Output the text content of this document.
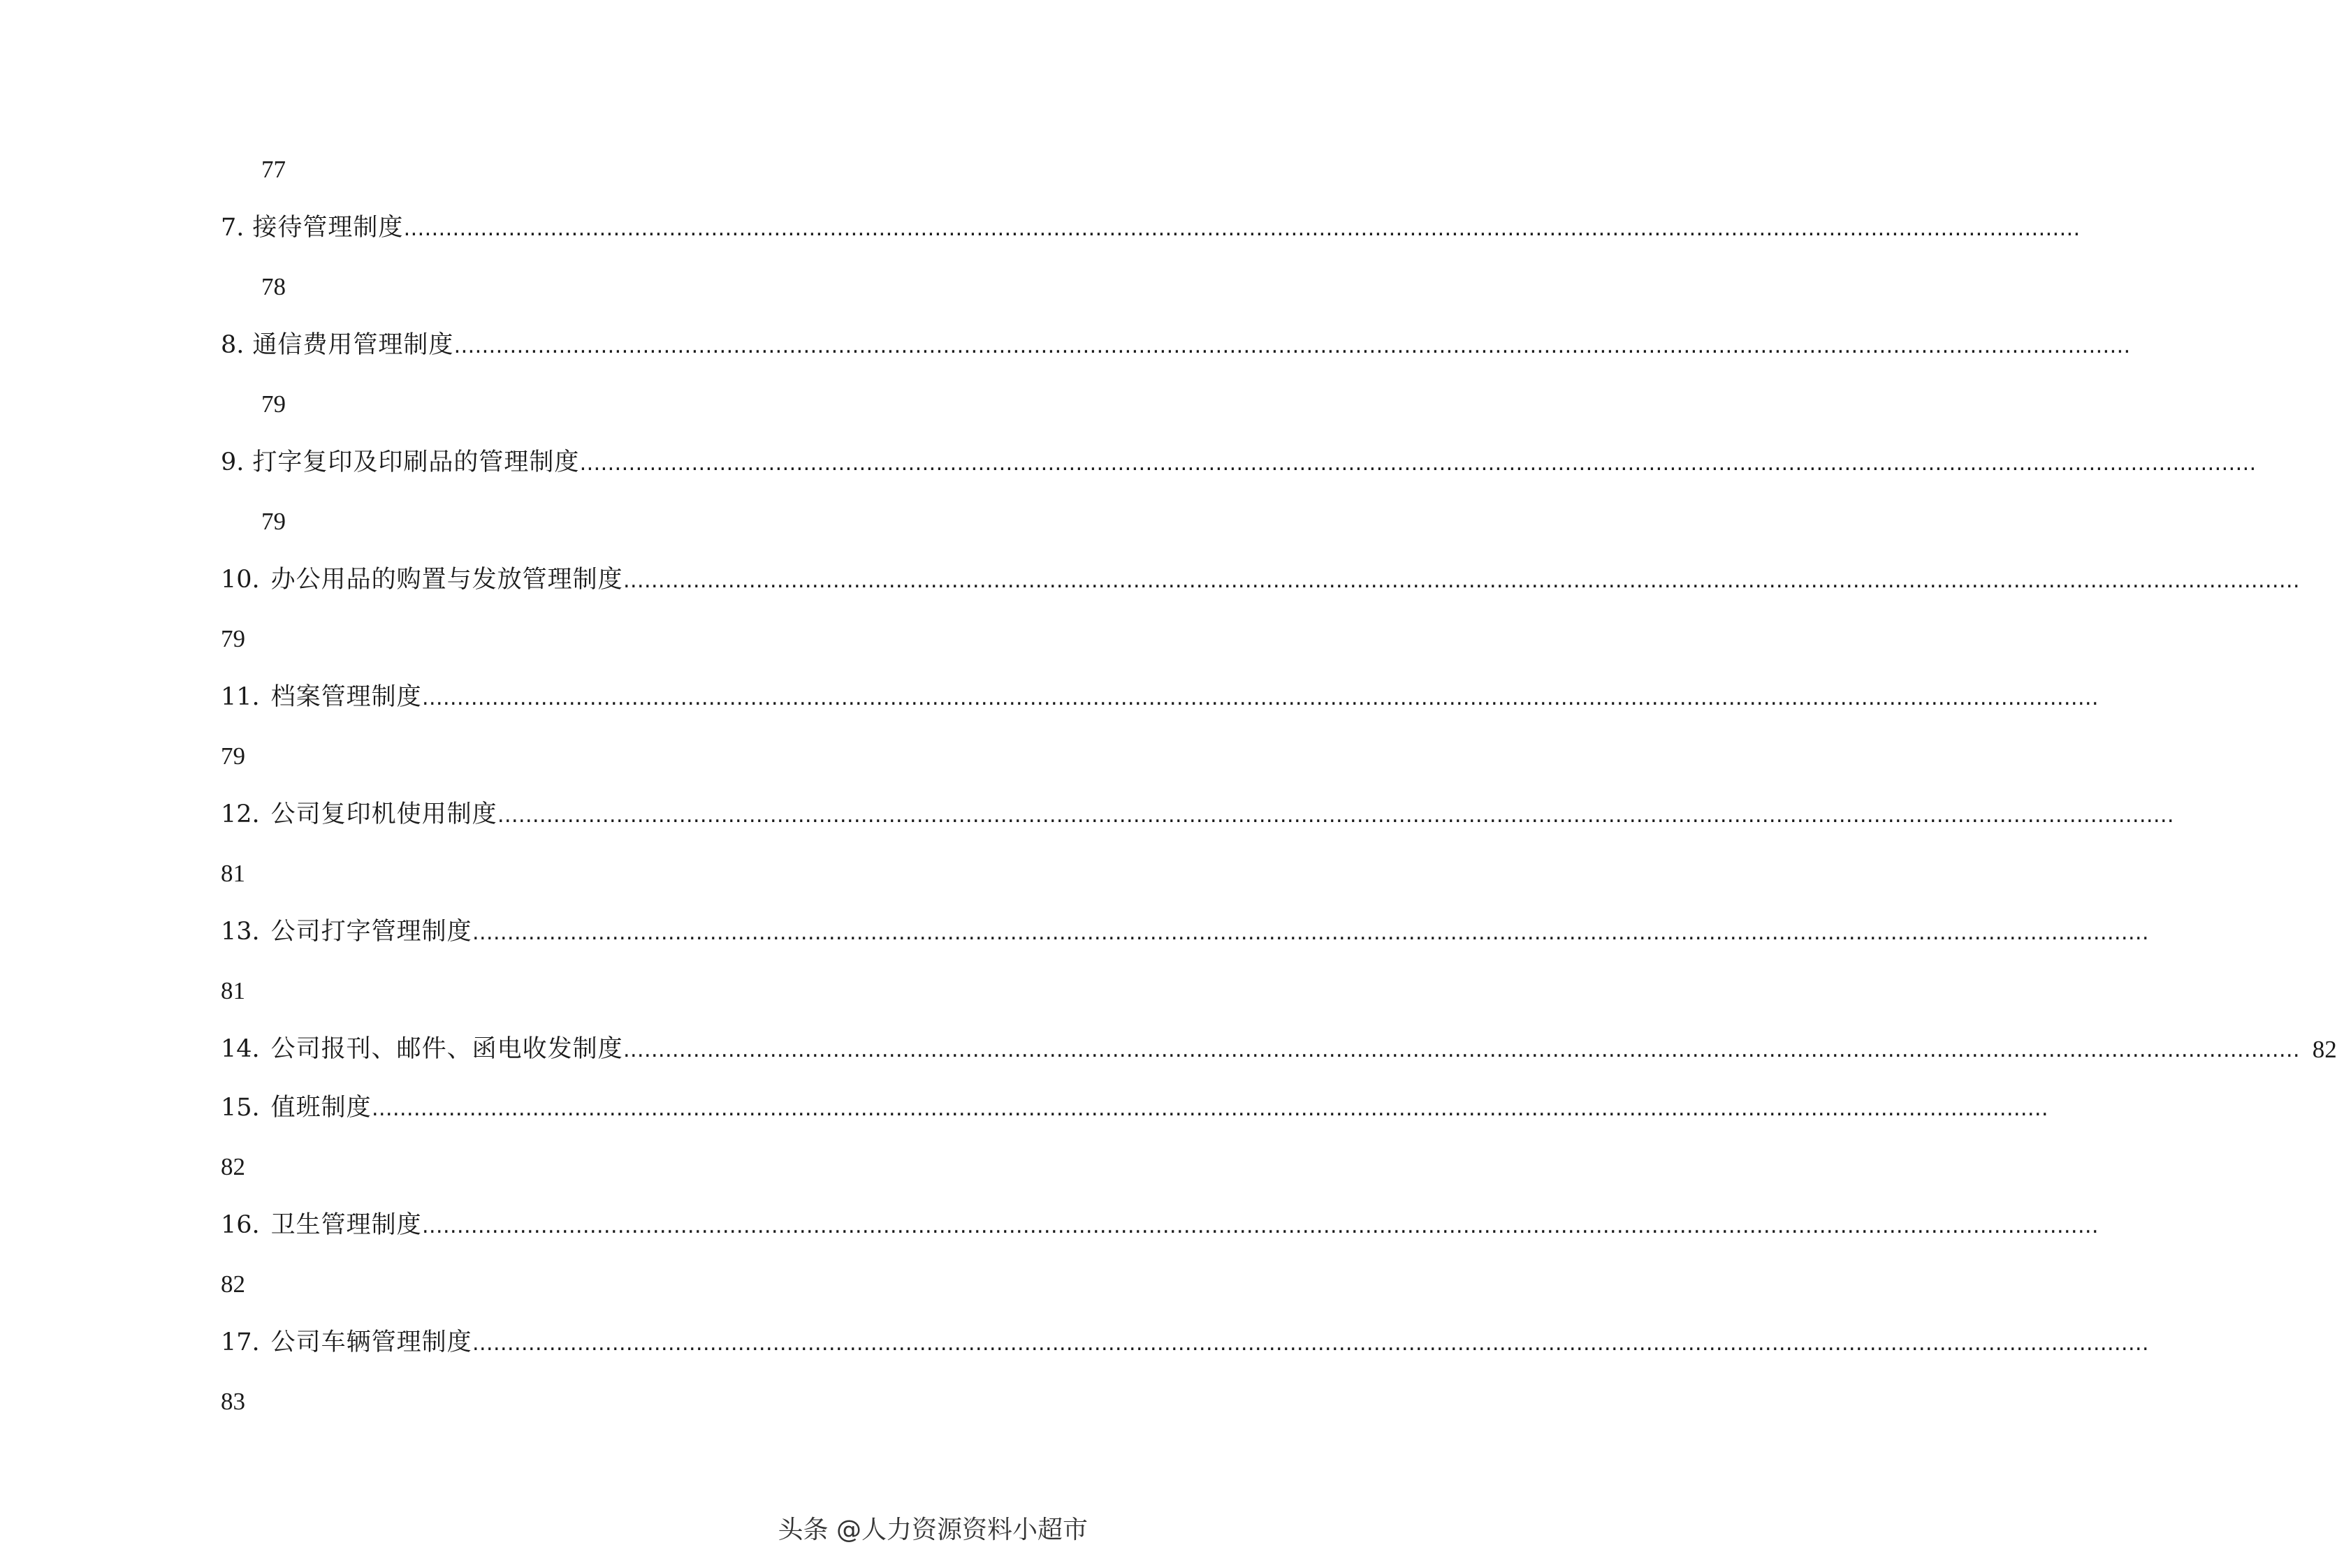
77
7. 接待管理制度 ……………………………………………………………………………………………………………………………………………………………………………………………………………………
78
8. 通信费用管理制度 ……………………………………………………………………………………………………………………………………………………………………………………………………………………
79
9. 打字复印及印刷品的管理制度 ……………………………………………………………………………………………………………………………………………………………………………………………………………………
79
10. 办公用品的购置与发放管理制度 ……………………………………………………………………………………………………………………………………………………………………………………………………………………
79
11. 档案管理制度 ……………………………………………………………………………………………………………………………………………………………………………………………………………………
79
12. 公司复印机使用制度 ……………………………………………………………………………………………………………………………………………………………………………………………………………………
81
13. 公司打字管理制度 ……………………………………………………………………………………………………………………………………………………………………………………………………………………
81
14. 公司报刊、邮件、函电收发制度 …………………………………………………………………………………………………………………………………………………………………………………………………………………… 82
15. 值班制度 ……………………………………………………………………………………………………………………………………………………………………………………………………………………
82
16. 卫生管理制度 ……………………………………………………………………………………………………………………………………………………………………………………………………………………
82
17. 公司车辆管理制度 ……………………………………………………………………………………………………………………………………………………………………………………………………………………
83
头条 @人力资源资料小超市
